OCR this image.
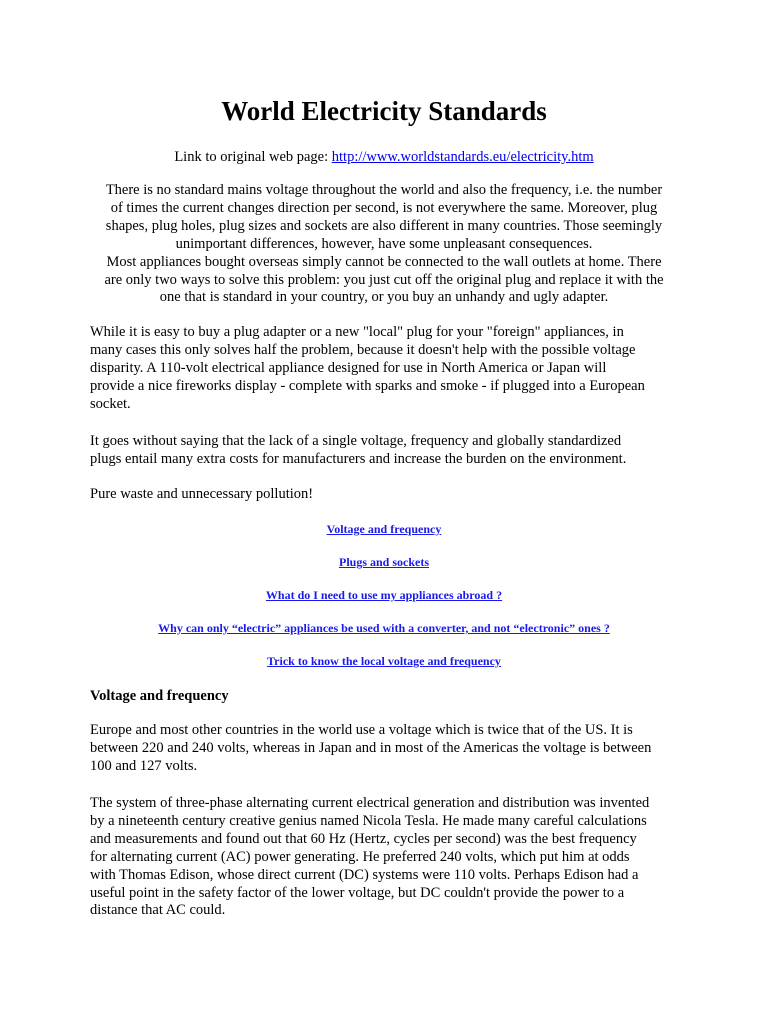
World Electricity Standards
Link to original web page: http://www.worldstandards.eu/electricity.htm
There is no standard mains voltage throughout the world and also the frequency, i.e. the number
of times the current changes direction per second, is not everywhere the same. Moreover, plug
shapes, plug holes, plug sizes and sockets are also different in many countries. Those seemingly
unimportant differences, however, have some unpleasant consequences.
Most appliances bought overseas simply cannot be connected to the wall outlets at home. There
are only two ways to solve this problem: you just cut off the original plug and replace it with the
one that is standard in your country, or you buy an unhandy and ugly adapter.
While it is easy to buy a plug adapter or a new "local" plug for your "foreign" appliances, in
many cases this only solves half the problem, because it doesn't help with the possible voltage
disparity. A 110-volt electrical appliance designed for use in North America or Japan will
provide a nice fireworks display - complete with sparks and smoke - if plugged into a European
socket.
It goes without saying that the lack of a single voltage, frequency and globally standardized
plugs entail many extra costs for manufacturers and increase the burden on the environment.
Pure waste and unnecessary pollution!
Voltage and frequency
Plugs and sockets
What do I need to use my appliances abroad ?
Why can only “electric” appliances be used with a converter, and not “electronic” ones ?
Trick to know the local voltage and frequency
Voltage and frequency
Europe and most other countries in the world use a voltage which is twice that of the US. It is
between 220 and 240 volts, whereas in Japan and in most of the Americas the voltage is between
100 and 127 volts.
The system of three-phase alternating current electrical generation and distribution was invented
by a nineteenth century creative genius named Nicola Tesla. He made many careful calculations
and measurements and found out that 60 Hz (Hertz, cycles per second) was the best frequency
for alternating current (AC) power generating. He preferred 240 volts, which put him at odds
with Thomas Edison, whose direct current (DC) systems were 110 volts. Perhaps Edison had a
useful point in the safety factor of the lower voltage, but DC couldn't provide the power to a
distance that AC could.
